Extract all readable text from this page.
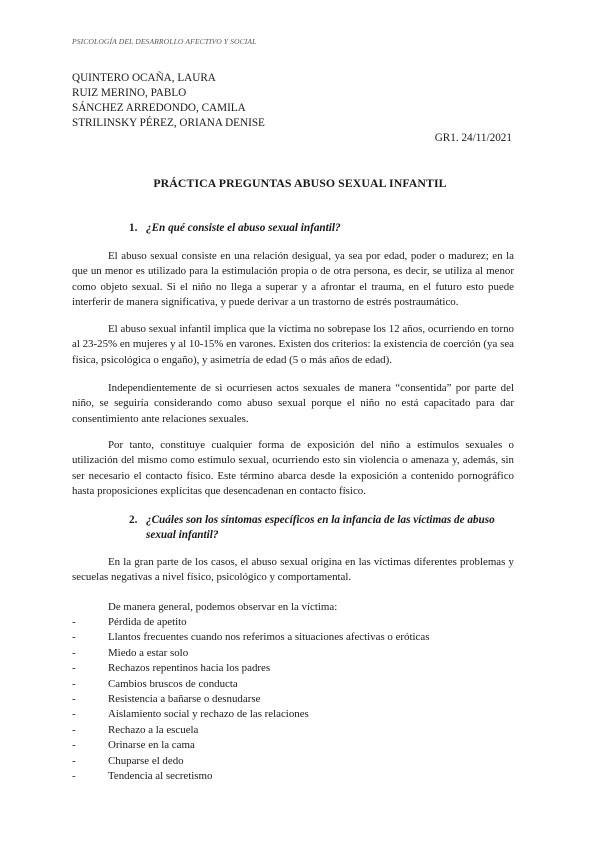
PSICOLOGÍA DEL DESARROLLO AFECTIVO Y SOCIAL
QUINTERO OCAÑA, LAURA
RUIZ MERINO, PABLO
SÁNCHEZ ARREDONDO, CAMILA
STRILINSKY PÉREZ, ORIANA DENISE
GR1. 24/11/2021
PRÁCTICA PREGUNTAS ABUSO SEXUAL INFANTIL
1. ¿En qué consiste el abuso sexual infantil?

El abuso sexual consiste en una relación desigual, ya sea por edad, poder o madurez; en la que un menor es utilizado para la estimulación propia o de otra persona, es decir, se utiliza al menor como objeto sexual. Si el niño no llega a superar y a afrontar el trauma, en el futuro esto puede interferir de manera significativa, y puede derivar a un trastorno de estrés postraumático.

El abuso sexual infantil implica que la víctima no sobrepase los 12 años, ocurriendo en torno al 23-25% en mujeres y al 10-15% en varones. Existen dos criterios: la existencia de coerción (ya sea física, psicológica o engaño), y asimetría de edad (5 o más años de edad).

Independientemente de si ocurriesen actos sexuales de manera “consentida” por parte del niño, se seguiría considerando como abuso sexual porque el niño no está capacitado para dar consentimiento ante relaciones sexuales.

Por tanto, constituye cualquier forma de exposición del niño a estímulos sexuales o utilización del mismo como estímulo sexual, ocurriendo esto sin violencia o amenaza y, además, sin ser necesario el contacto físico. Este término abarca desde la exposición a contenido pornográfico hasta proposiciones explícitas que desencadenan en contacto físico.

2. ¿Cuáles son los síntomas específicos en la infancia de las víctimas de abuso
sexual infantil?

En la gran parte de los casos, el abuso sexual origina en las víctimas diferentes problemas y secuelas negativas a nivel físico, psicológico y comportamental.

De manera general, podemos observar en la víctima:
-	Pérdida de apetito
-	Llantos frecuentes cuando nos referimos a situaciones afectivas o eróticas
-	Miedo a estar solo
-	Rechazos repentinos hacia los padres
-	Cambios bruscos de conducta
-	Resistencia a bañarse o desnudarse
-	Aislamiento social y rechazo de las relaciones
-	Rechazo a la escuela
-	Orinarse en la cama
-	Chuparse el dedo
-	Tendencia al secretismo
